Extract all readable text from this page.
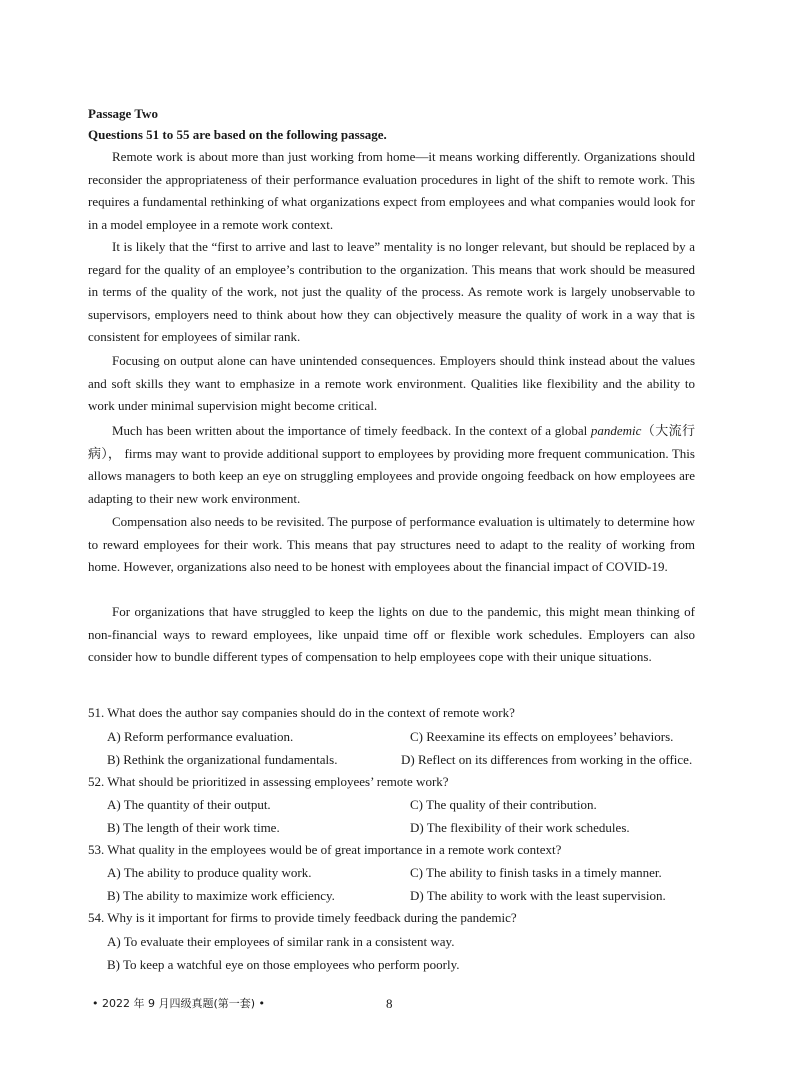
Passage Two
Questions 51 to 55 are based on the following passage.

Remote work is about more than just working from home—it means working differently. Organizations should reconsider the appropriateness of their performance evaluation procedures in light of the shift to remote work. This requires a fundamental rethinking of what organizations expect from employees and what companies would look for in a model employee in a remote work context.

It is likely that the “first to arrive and last to leave” mentality is no longer relevant, but should be replaced by a regard for the quality of an employee’s contribution to the organization. This means that work should be measured in terms of the quality of the work, not just the quality of the process. As remote work is largely unobservable to supervisors, employers need to think about how they can objectively measure the quality of work in a way that is consistent for employees of similar rank.

Focusing on output alone can have unintended consequences. Employers should think instead about the values and soft skills they want to emphasize in a remote work environment. Qualities like flexibility and the ability to work under minimal supervision might become critical.

Much has been written about the importance of timely feedback. In the context of a global pandemic（大流行病）， firms may want to provide additional support to employees by providing more frequent communication. This allows managers to both keep an eye on struggling employees and provide ongoing feedback on how employees are adapting to their new work environment.

Compensation also needs to be revisited. The purpose of performance evaluation is ultimately to determine how to reward employees for their work. This means that pay structures need to adapt to the reality of working from home. However, organizations also need to be honest with employees about the financial impact of COVID-19.

For organizations that have struggled to keep the lights on due to the pandemic, this might mean thinking of non-financial ways to reward employees, like unpaid time off or flexible work schedules. Employers can also consider how to bundle different types of compensation to help employees cope with their unique situations.

51. What does the author say companies should do in the context of remote work?
A) Reform performance evaluation.	C) Reexamine its effects on employees’ behaviors.
B) Rethink the organizational fundamentals.	D) Reflect on its differences from working in the office.
52. What should be prioritized in assessing employees’ remote work?
A) The quantity of their output.	C) The quality of their contribution.
B) The length of their work time.	D) The flexibility of their work schedules.
53. What quality in the employees would be of great importance in a remote work context?
A) The ability to produce quality work.	C) The ability to finish tasks in a timely manner.
B) The ability to maximize work efficiency.	D) The ability to work with the least supervision.
54. Why is it important for firms to provide timely feedback during the pandemic?
A) To evaluate their employees of similar rank in a consistent way.
B) To keep a watchful eye on those employees who perform poorly.
• 2022 年 9 月四级真题(第一套) •	8
